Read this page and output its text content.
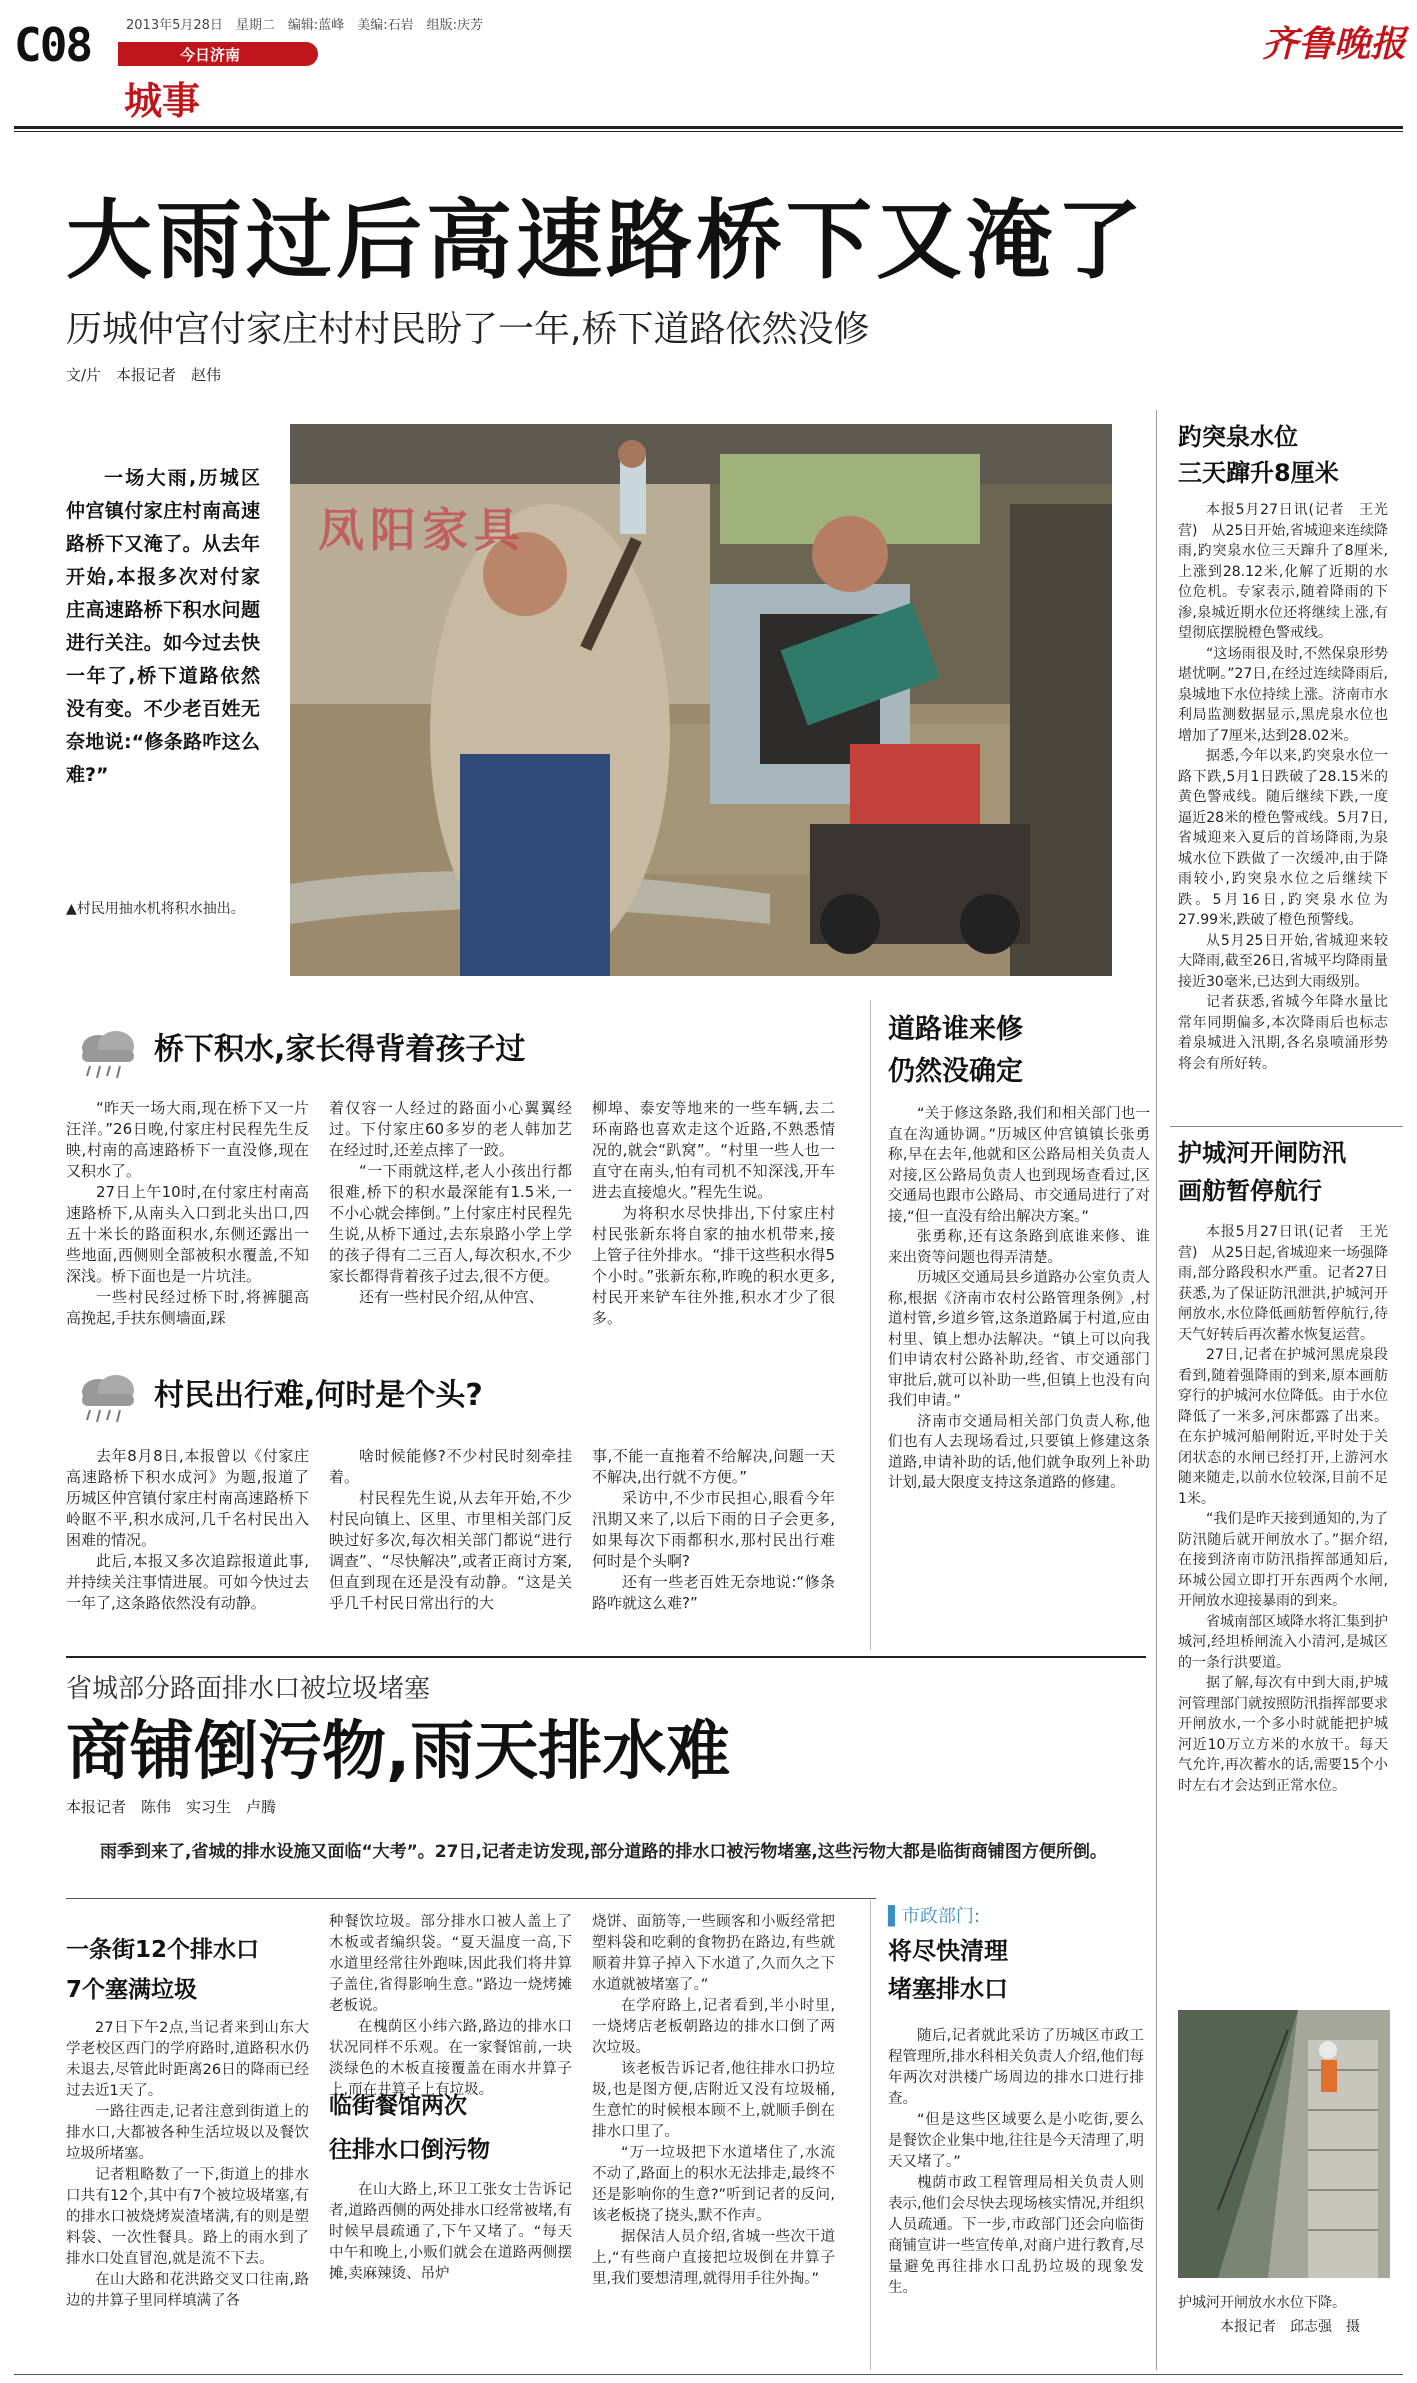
C08	2013年5月28日　星期二　编辑:蓝峰　美编:石岩　组版:庆芳
今日济南
城事
齐鲁晚报
大雨过后高速路桥下又淹了
历城仲宫付家庄村村民盼了一年,桥下道路依然没修
文/片　本报记者　赵伟

一场大雨,历城区仲宫镇付家庄村南高速路桥下又淹了。从去年开始,本报多次对付家庄高速路桥下积水问题进行关注。如今过去快一年了,桥下道路依然没有变。不少老百姓无奈地说:“修条路咋这么难?”

▲村民用抽水机将积水抽出。
凤阳家具
桥下积水,家长得背着孩子过

“昨天一场大雨,现在桥下又一片汪洋。”26日晚,付家庄村民程先生反映,村南的高速路桥下一直没修,现在又积水了。

27日上午10时,在付家庄村南高速路桥下,从南头入口到北头出口,四五十米长的路面积水,东侧还露出一些地面,西侧则全部被积水覆盖,不知深浅。桥下面也是一片坑洼。

一些村民经过桥下时,将裤腿高高挽起,手扶东侧墙面,踩

着仅容一人经过的路面小心翼翼经过。下付家庄60多岁的老人韩加艺在经过时,还差点摔了一跤。

“一下雨就这样,老人小孩出行都很难,桥下的积水最深能有1.5米,一不小心就会摔倒。”上付家庄村民程先生说,从桥下通过,去东泉路小学上学的孩子得有二三百人,每次积水,不少家长都得背着孩子过去,很不方便。

还有一些村民介绍,从仲宫、

柳埠、泰安等地来的一些车辆,去二环南路也喜欢走这个近路,不熟悉情况的,就会“趴窝”。“村里一些人也一直守在南头,怕有司机不知深浅,开车进去直接熄火。”程先生说。

为将积水尽快排出,下付家庄村村民张新东将自家的抽水机带来,接上管子往外排水。“排干这些积水得5个小时。”张新东称,昨晚的积水更多,村民开来铲车往外推,积水才少了很多。

村民出行难,何时是个头?

去年8月8日,本报曾以《付家庄高速路桥下积水成河》为题,报道了历城区仲宫镇付家庄村南高速路桥下岭眍不平,积水成河,几千名村民出入困难的情况。

此后,本报又多次追踪报道此事,并持续关注事情进展。可如今快过去一年了,这条路依然没有动静。

啥时候能修?不少村民时刻牵挂着。

村民程先生说,从去年开始,不少村民向镇上、区里、市里相关部门反映过好多次,每次相关部门都说“进行调查”、“尽快解决”,或者正商讨方案,但直到现在还是没有动静。“这是关乎几千村民日常出行的大

事,不能一直拖着不给解决,问题一天不解决,出行就不方便。”

采访中,不少市民担心,眼看今年汛期又来了,以后下雨的日子会更多,如果每次下雨都积水,那村民出行难何时是个头啊?

还有一些老百姓无奈地说:“修条路咋就这么难?”

道路谁来修
仍然没确定

“关于修这条路,我们和相关部门也一直在沟通协调。”历城区仲宫镇镇长张勇称,早在去年,他就和区公路局相关负责人对接,区公路局负责人也到现场查看过,区交通局也跟市公路局、市交通局进行了对接,“但一直没有给出解决方案。”

张勇称,还有这条路到底谁来修、谁来出资等问题也得弄清楚。

历城区交通局县乡道路办公室负责人称,根据《济南市农村公路管理条例》,村道村管,乡道乡管,这条道路属于村道,应由村里、镇上想办法解决。“镇上可以向我们申请农村公路补助,经省、市交通部门审批后,就可以补助一些,但镇上也没有向我们申请。”

济南市交通局相关部门负责人称,他们也有人去现场看过,只要镇上修建这条道路,申请补助的话,他们就争取列上补助计划,最大限度支持这条道路的修建。

趵突泉水位
三天蹿升8厘米

本报5月27日讯(记者　王光营)　从25日开始,省城迎来连续降雨,趵突泉水位三天蹿升了8厘米,上涨到28.12米,化解了近期的水位危机。专家表示,随着降雨的下渗,泉城近期水位还将继续上涨,有望彻底摆脱橙色警戒线。

“这场雨很及时,不然保泉形势堪忧啊。”27日,在经过连续降雨后,泉城地下水位持续上涨。济南市水利局监测数据显示,黑虎泉水位也增加了7厘米,达到28.02米。

据悉,今年以来,趵突泉水位一路下跌,5月1日跌破了28.15米的黄色警戒线。随后继续下跌,一度逼近28米的橙色警戒线。5月7日,省城迎来入夏后的首场降雨,为泉城水位下跌做了一次缓冲,由于降雨较小,趵突泉水位之后继续下跌。5月16日,趵突泉水位为27.99米,跌破了橙色预警线。

从5月25日开始,省城迎来较大降雨,截至26日,省城平均降雨量接近30毫米,已达到大雨级别。

记者获悉,省城今年降水量比常年同期偏多,本次降雨后也标志着泉城进入汛期,各名泉喷涌形势将会有所好转。

护城河开闸防汛
画舫暂停航行

本报5月27日讯(记者　王光营)　从25日起,省城迎来一场强降雨,部分路段积水严重。记者27日获悉,为了保证防汛泄洪,护城河开闸放水,水位降低画舫暂停航行,待天气好转后再次蓄水恢复运营。

27日,记者在护城河黑虎泉段看到,随着强降雨的到来,原本画舫穿行的护城河水位降低。由于水位降低了一米多,河床都露了出来。在东护城河船闸附近,平时处于关闭状态的水闸已经打开,上游河水随来随走,以前水位较深,目前不足1米。

“我们是昨天接到通知的,为了防汛随后就开闸放水了。”据介绍,在接到济南市防汛指挥部通知后,环城公园立即打开东西两个水闸,开闸放水迎接暴雨的到来。

省城南部区域降水将汇集到护城河,经坦桥闸流入小清河,是城区的一条行洪要道。

据了解,每次有中到大雨,护城河管理部门就按照防汛指挥部要求开闸放水,一个多小时就能把护城河近10万立方米的水放干。每天气允许,再次蓄水的话,需要15个小时左右才会达到正常水位。

护城河开闸放水水位下降。
本报记者　邱志强　摄
省城部分路面排水口被垃圾堵塞
商铺倒污物,雨天排水难
本报记者　陈伟　实习生　卢腾

雨季到来了,省城的排水设施又面临“大考”。27日,记者走访发现,部分道路的排水口被污物堵塞,这些污物大都是临街商铺图方便所倒。

一条街12个排水口
7个塞满垃圾

27日下午2点,当记者来到山东大学老校区西门的学府路时,道路积水仍未退去,尽管此时距离26日的降雨已经过去近1天了。

一路往西走,记者注意到街道上的排水口,大都被各种生活垃圾以及餐饮垃圾所堵塞。

记者粗略数了一下,街道上的排水口共有12个,其中有7个被垃圾堵塞,有的排水口被烧烤炭渣堵满,有的则是塑料袋、一次性餐具。路上的雨水到了排水口处直冒泡,就是流不下去。

在山大路和花洪路交叉口往南,路边的井算子里同样填满了各

种餐饮垃圾。部分排水口被人盖上了木板或者编织袋。“夏天温度一高,下水道里经常往外跑味,因此我们将井算子盖住,省得影响生意。”路边一烧烤摊老板说。

在槐荫区小纬六路,路边的排水口状况同样不乐观。在一家餐馆前,一块淡绿色的木板直接覆盖在雨水井算子上,而在井算子上有垃圾。

临街餐馆两次
往排水口倒污物

在山大路上,环卫工张女士告诉记者,道路西侧的两处排水口经常被堵,有时候早晨疏通了,下午又堵了。“每天中午和晚上,小贩们就会在道路两侧摆摊,卖麻辣烫、吊炉

烧饼、面筋等,一些顾客和小贩经常把塑料袋和吃剩的食物扔在路边,有些就顺着井算子掉入下水道了,久而久之下水道就被堵塞了。”

在学府路上,记者看到,半小时里,一烧烤店老板朝路边的排水口倒了两次垃圾。

该老板告诉记者,他往排水口扔垃圾,也是图方便,店附近又没有垃圾桶,生意忙的时候根本顾不上,就顺手倒在排水口里了。

“万一垃圾把下水道堵住了,水流不动了,路面上的积水无法排走,最终不还是影响你的生意?”听到记者的反问,该老板挠了挠头,默不作声。

据保洁人员介绍,省城一些次干道上,“有些商户直接把垃圾倒在井算子里,我们要想清理,就得用手往外掏。”

▌市政部门:
将尽快清理
堵塞排水口

随后,记者就此采访了历城区市政工程管理所,排水科相关负责人介绍,他们每年两次对洪楼广场周边的排水口进行排查。

“但是这些区域要么是小吃街,要么是餐饮企业集中地,往往是今天清理了,明天又堵了。”

槐荫市政工程管理局相关负责人则表示,他们会尽快去现场核实情况,并组织人员疏通。下一步,市政部门还会向临街商铺宣讲一些宣传单,对商户进行教育,尽量避免再往排水口乱扔垃圾的现象发生。
